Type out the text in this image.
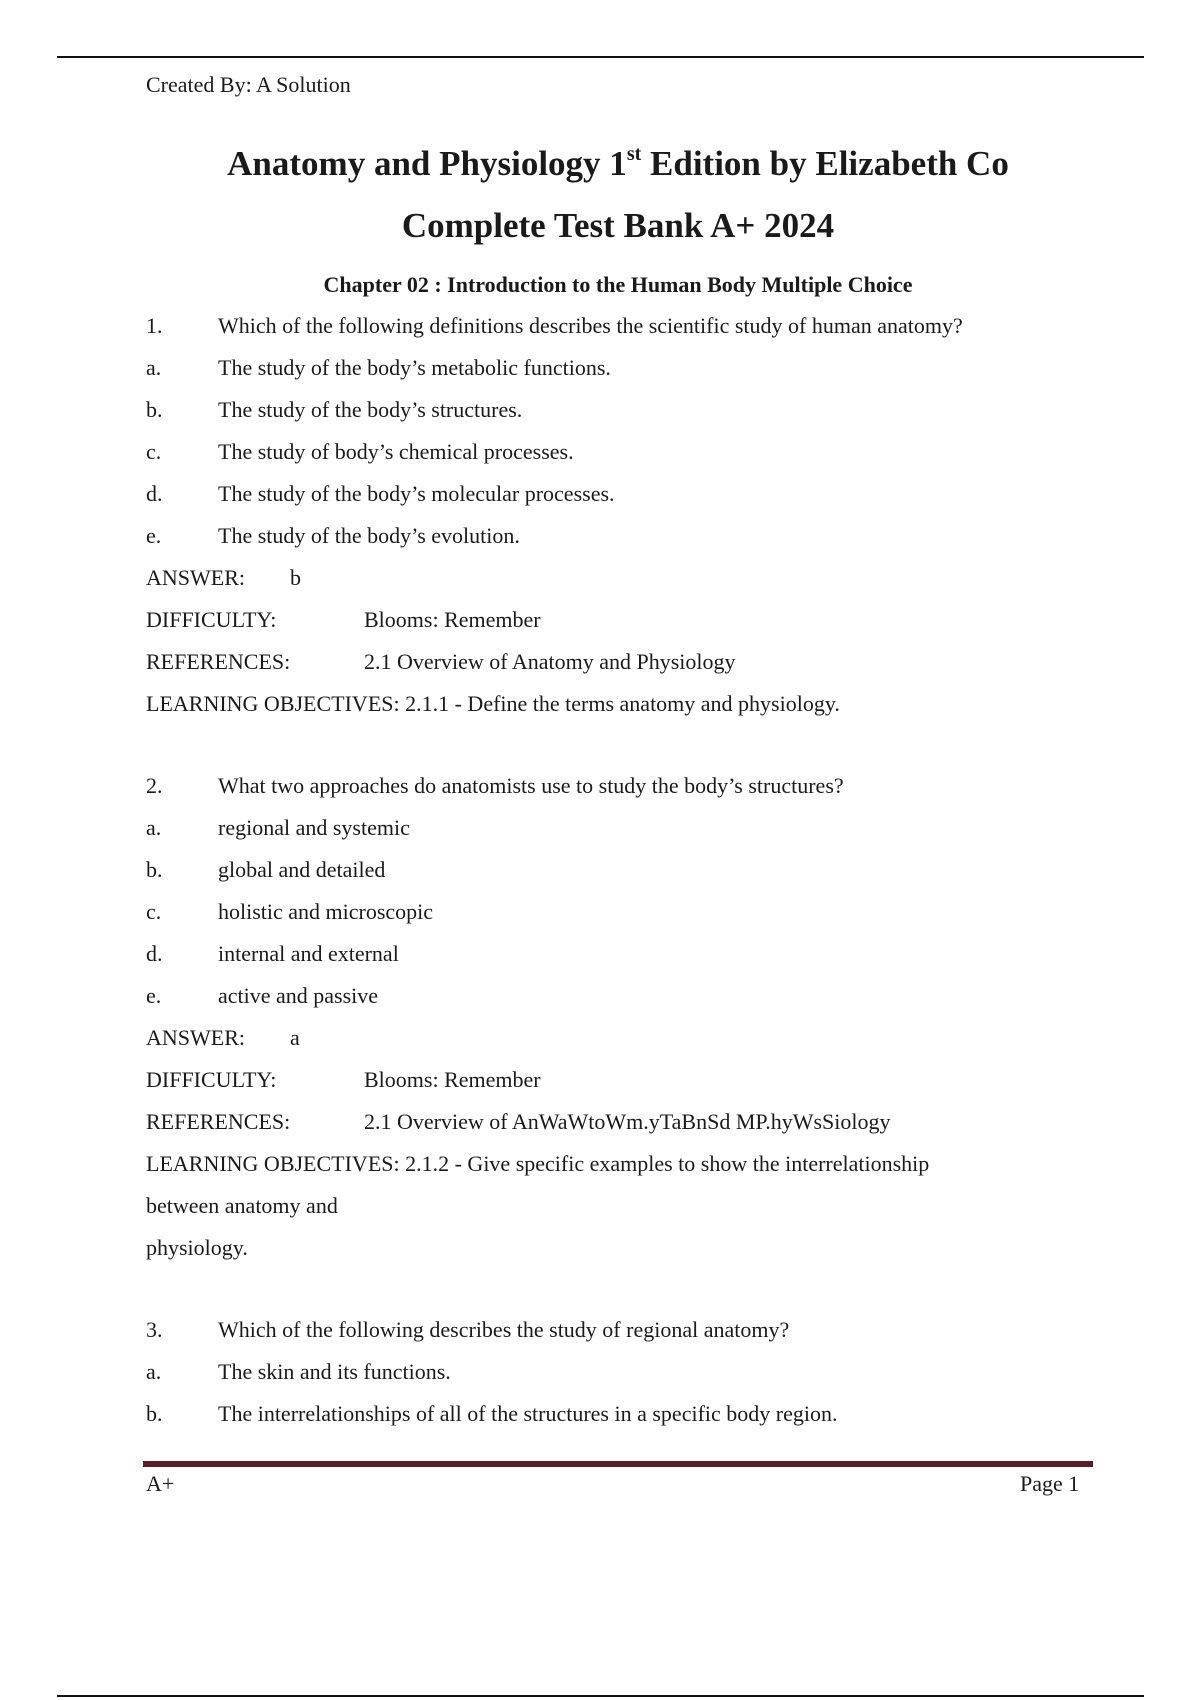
Created By: A Solution
Anatomy and Physiology 1st Edition by Elizabeth Co
Complete Test Bank A+ 2024
Chapter 02 : Introduction to the Human Body Multiple Choice
1.	Which of the following definitions describes the scientific study of human anatomy?
a.	The study of the body’s metabolic functions.
b.	The study of the body’s structures.
c.	The study of body’s chemical processes.
d.	The study of the body’s molecular processes.
e.	The study of the body’s evolution.
ANSWER: b
DIFFICULTY:	Blooms: Remember
REFERENCES:	2.1 Overview of Anatomy and Physiology
LEARNING OBJECTIVES: 2.1.1 - Define the terms anatomy and physiology.
2.	What two approaches do anatomists use to study the body’s structures?
a.	regional and systemic
b.	global and detailed
c.	holistic and microscopic
d.	internal and external
e.	active and passive
ANSWER: a
DIFFICULTY:	Blooms: Remember
REFERENCES:	2.1 Overview of AnWaWtoWm.yTaBnSd MP.hyWsSiology
LEARNING OBJECTIVES: 2.1.2 - Give specific examples to show the interrelationship
between anatomy and
physiology.
3.	Which of the following describes the study of regional anatomy?
a.	The skin and its functions.
b.	The interrelationships of all of the structures in a specific body region.
A+	Page 1
